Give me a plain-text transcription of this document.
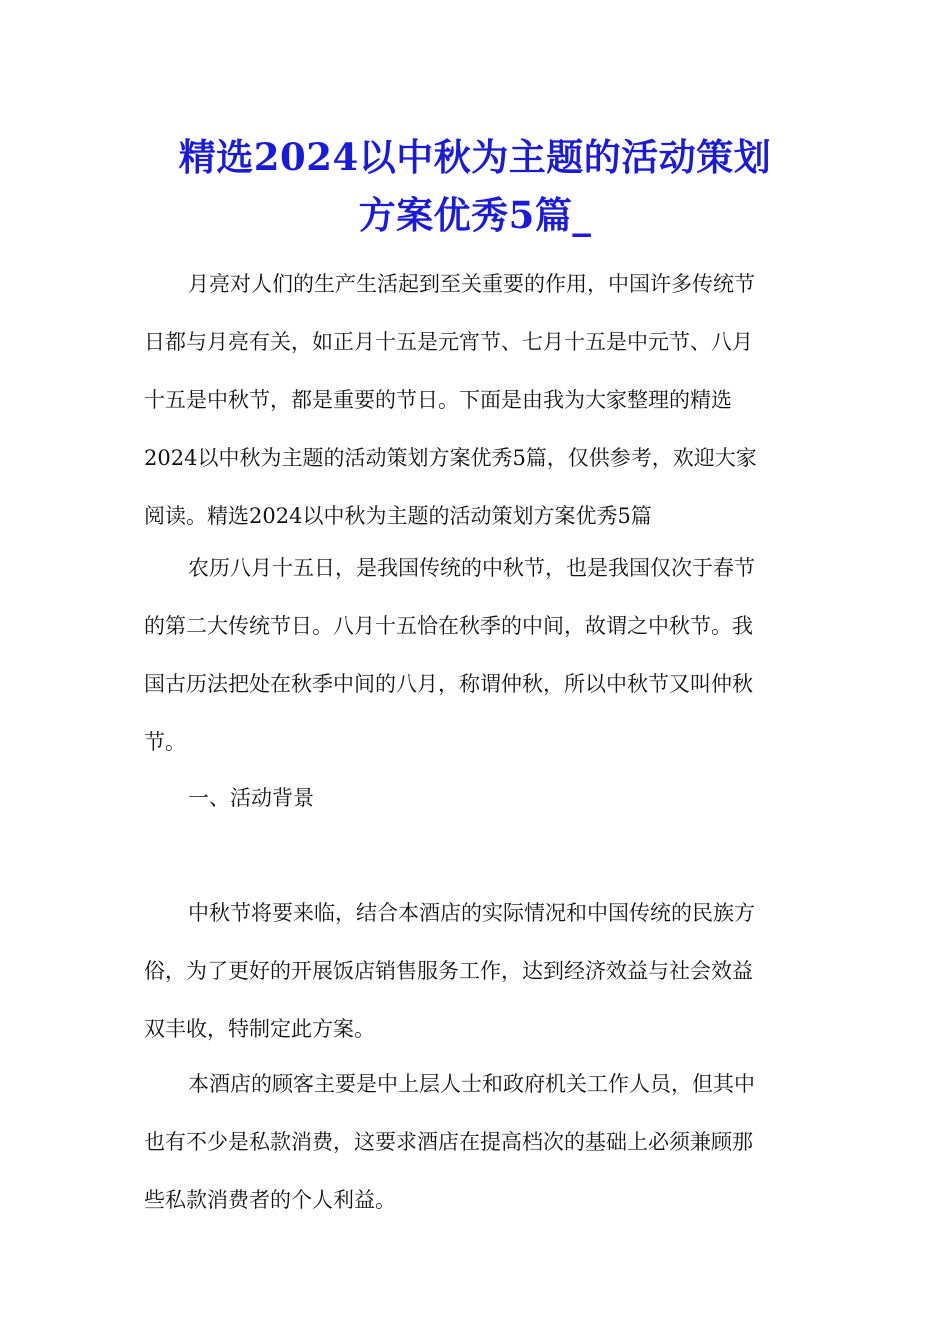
精选2024以中秋为主题的活动策划
方案优秀5篇_
月亮对人们的生产生活起到至关重要的作用，中国许多传统节
日都与月亮有关，如正月十五是元宵节、七月十五是中元节、八月
十五是中秋节，都是重要的节日。下面是由我为大家整理的精选
2024以中秋为主题的活动策划方案优秀5篇，仅供参考，欢迎大家
阅读。精选2024以中秋为主题的活动策划方案优秀5篇
农历八月十五日，是我国传统的中秋节，也是我国仅次于春节
的第二大传统节日。八月十五恰在秋季的中间，故谓之中秋节。我
国古历法把处在秋季中间的八月，称谓仲秋，所以中秋节又叫仲秋
节。
一、活动背景
中秋节将要来临，结合本酒店的实际情况和中国传统的民族方
俗，为了更好的开展饭店销售服务工作，达到经济效益与社会效益
双丰收，特制定此方案。
本酒店的顾客主要是中上层人士和政府机关工作人员，但其中
也有不少是私款消费，这要求酒店在提高档次的基础上必须兼顾那
些私款消费者的个人利益。
